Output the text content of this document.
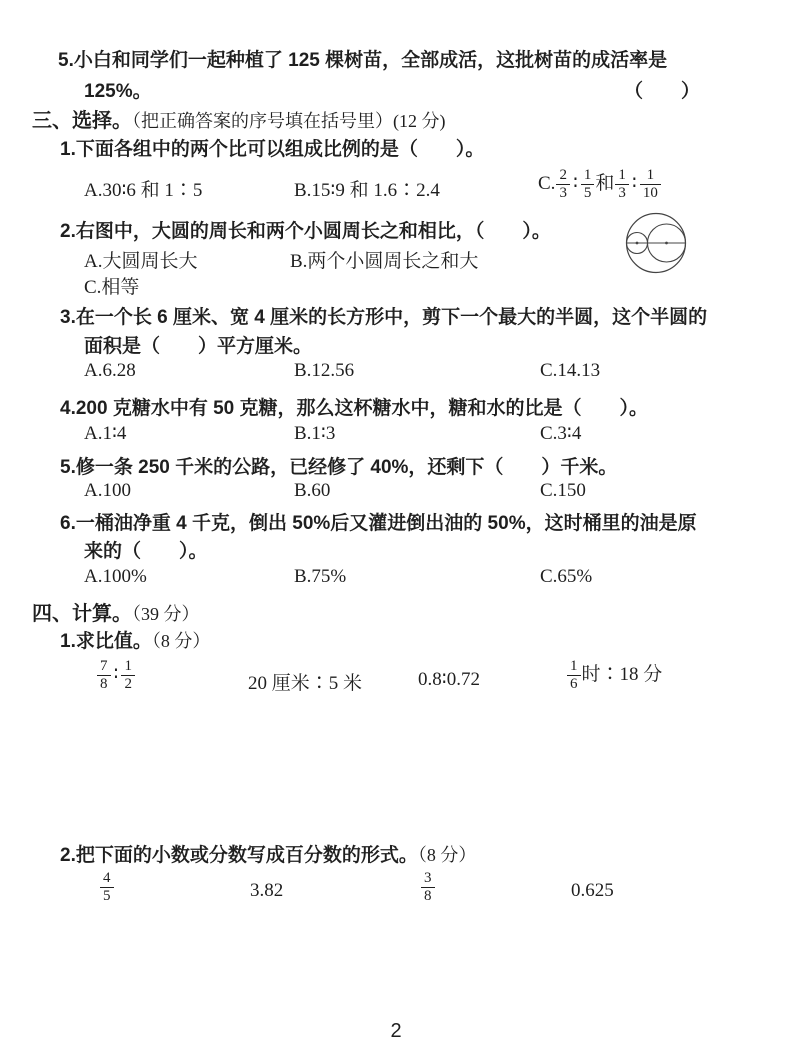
5.小白和同学们一起种植了 125 棵树苗，全部成活，这批树苗的成活率是
125%。	（　　）
三、选择。（把正确答案的序号填在括号里）(12 分)
1.下面各组中的两个比可以组成比例的是（　　）。
A.30∶6 和 1∶5	B.15∶9 和 1.6∶2.4	C. $\frac{2}{3}$ ∶ $\frac{1}{5}$ 和 $\frac{1}{3}$ ∶ $\frac{1}{10}$
2.右图中，大圆的周长和两个小圆周长之和相比，（　　）。
A.大圆周长大	B.两个小圆周长之和大
C.相等
3.在一个长 6 厘米、宽 4 厘米的长方形中，剪下一个最大的半圆，这个半圆的
面积是（　　）平方厘米。
A.6.28	B.12.56	C.14.13
4.200 克糖水中有 50 克糖，那么这杯糖水中，糖和水的比是（　　）。
A.1∶4	B.1∶3	C.3∶4
5.修一条 250 千米的公路，已经修了 40%，还剩下（　　）千米。
A.100	B.60	C.150
6.一桶油净重 4 千克，倒出 50%后又灌进倒出油的 50%，这时桶里的油是原
来的（　　）。
A.100%	B.75%	C.65%
四、计算。（39 分）
1.求比值。（8 分）
$\frac{7}{8}$ ∶ $\frac{1}{2}$	20 厘米∶5 米	0.8∶0.72	$\frac{1}{6}$ 时∶18 分
2.把下面的小数或分数写成百分数的形式。（8 分）
$\frac{4}{5}$	3.82	$\frac{3}{8}$	0.625
2
